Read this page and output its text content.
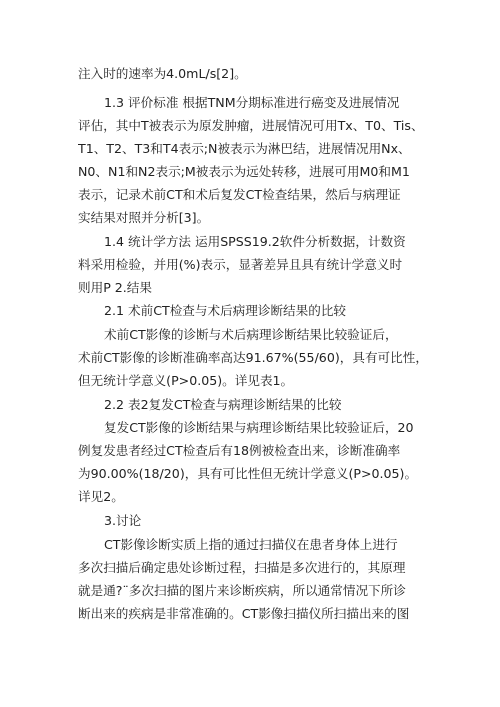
注入时的速率为4.0mL/s[2]。
1.3 评价标准 根据TNM分期标准进行癌变及进展情况
评估，其中T被表示为原发肿瘤，进展情况可用Tx、T0、Tis、
T1、T2、T3和T4表示;N被表示为淋巴结，进展情况用Nx、
N0、N1和N2表示;M被表示为远处转移，进展可用M0和M1
表示，记录术前CT和术后复发CT检查结果，然后与病理证
实结果对照并分析[3]。
1.4 统计学方法 运用SPSS19.2软件分析数据，计数资
料采用检验，并用(%)表示，显著差异且具有统计学意义时
则用P 2.结果
2.1 术前CT检查与术后病理诊断结果的比较
术前CT影像的诊断与术后病理诊断结果比较验证后，
术前CT影像的诊断准确率高达91.67%(55/60)，具有可比性，
但无统计学意义(P>0.05)。详见表1。
2.2 表2复发CT检查与病理诊断结果的比较
复发CT影像的诊断结果与病理诊断结果比较验证后，20
例复发患者经过CT检查后有18例被检查出来，诊断准确率
为90.00%(18/20)，具有可比性但无统计学意义(P>0.05)。
详见2。
3.讨论
CT影像诊断实质上指的通过扫描仪在患者身体上进行
多次扫描后确定患处诊断过程，扫描是多次进行的，其原理
就是通?¨多次扫描的图片来诊断疾病，所以通常情况下所诊
断出来的疾病是非常准确的。CT影像扫描仪所扫描出来的图
